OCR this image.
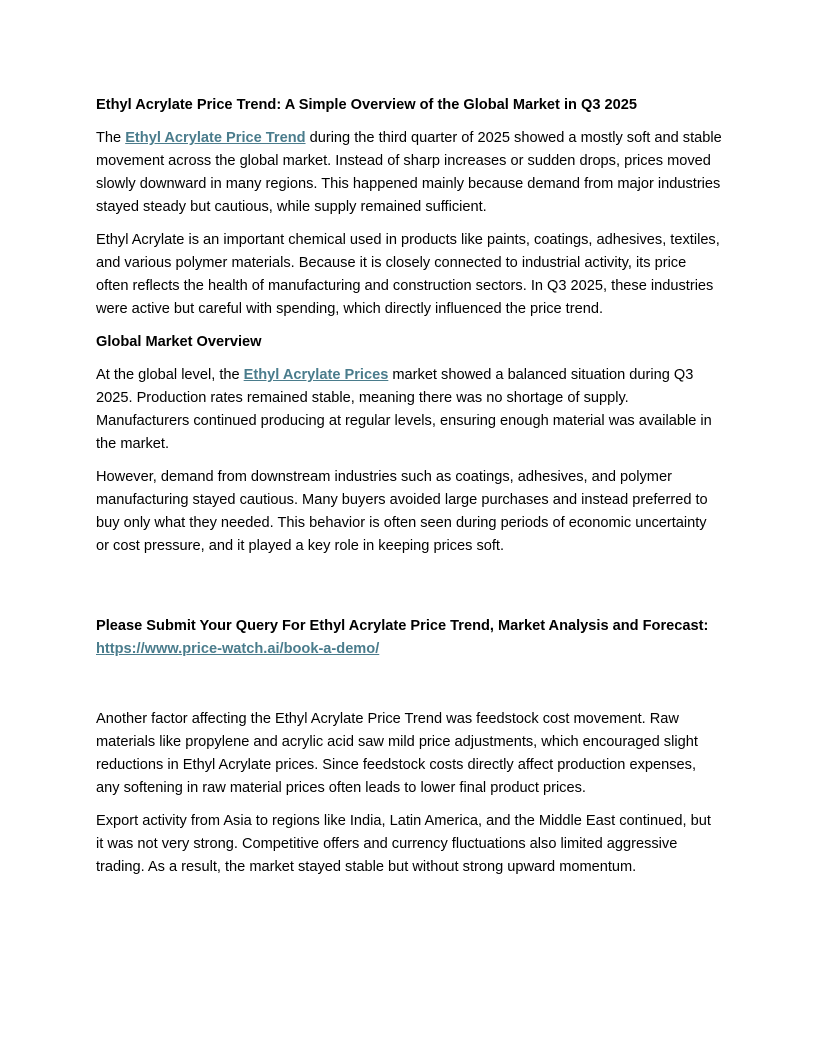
Ethyl Acrylate Price Trend: A Simple Overview of the Global Market in Q3 2025

The Ethyl Acrylate Price Trend during the third quarter of 2025 showed a mostly soft and stable movement across the global market. Instead of sharp increases or sudden drops, prices moved slowly downward in many regions. This happened mainly because demand from major industries stayed steady but cautious, while supply remained sufficient.

Ethyl Acrylate is an important chemical used in products like paints, coatings, adhesives, textiles, and various polymer materials. Because it is closely connected to industrial activity, its price often reflects the health of manufacturing and construction sectors. In Q3 2025, these industries were active but careful with spending, which directly influenced the price trend.

Global Market Overview

At the global level, the Ethyl Acrylate Prices market showed a balanced situation during Q3 2025. Production rates remained stable, meaning there was no shortage of supply. Manufacturers continued producing at regular levels, ensuring enough material was available in the market.

However, demand from downstream industries such as coatings, adhesives, and polymer manufacturing stayed cautious. Many buyers avoided large purchases and instead preferred to buy only what they needed. This behavior is often seen during periods of economic uncertainty or cost pressure, and it played a key role in keeping prices soft.

Please Submit Your Query For Ethyl Acrylate Price Trend, Market Analysis and Forecast: https://www.price-watch.ai/book-a-demo/

Another factor affecting the Ethyl Acrylate Price Trend was feedstock cost movement. Raw materials like propylene and acrylic acid saw mild price adjustments, which encouraged slight reductions in Ethyl Acrylate prices. Since feedstock costs directly affect production expenses, any softening in raw material prices often leads to lower final product prices.

Export activity from Asia to regions like India, Latin America, and the Middle East continued, but it was not very strong. Competitive offers and currency fluctuations also limited aggressive trading. As a result, the market stayed stable but without strong upward momentum.
